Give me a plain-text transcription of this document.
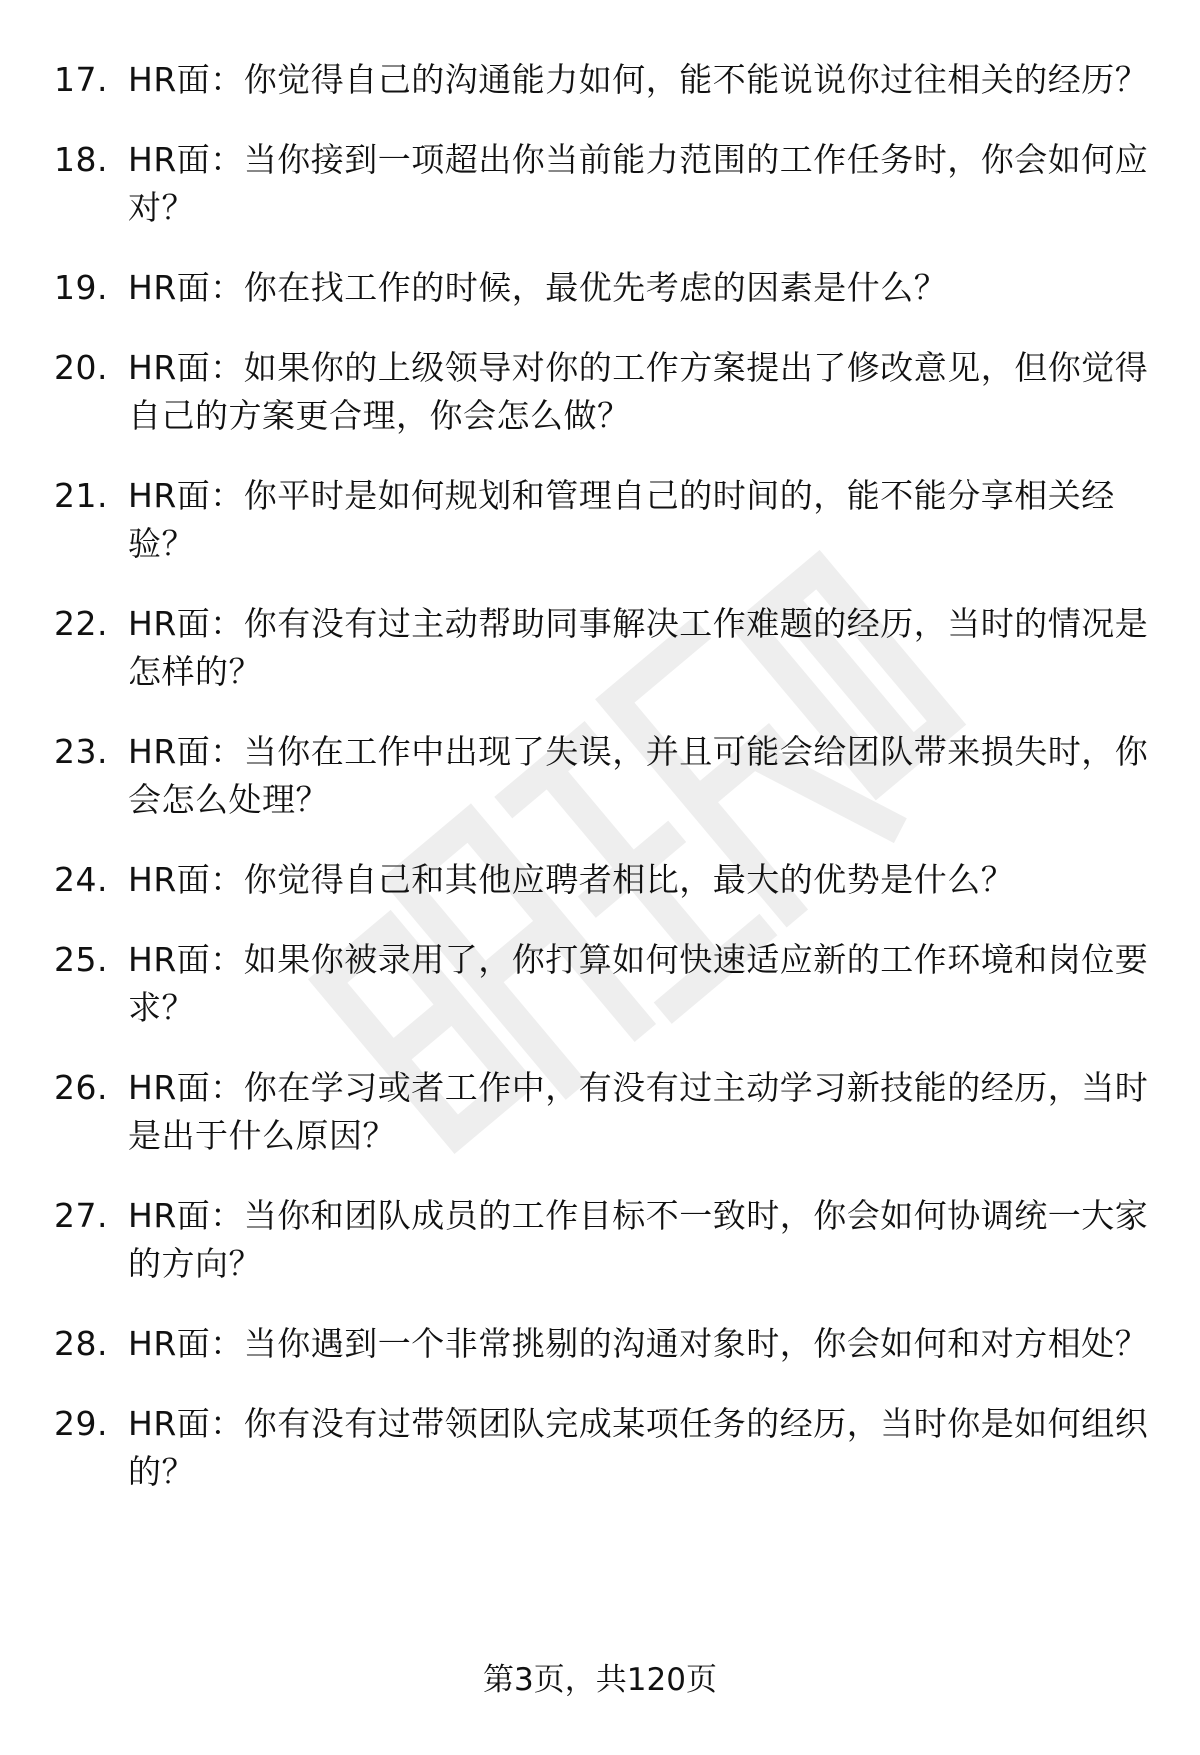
17. HR面：你觉得自己的沟通能力如何，能不能说说你过往相关的经历？
18. HR面：当你接到一项超出你当前能力范围的工作任务时，你会如何应对？
19. HR面：你在找工作的时候，最优先考虑的因素是什么？
20. HR面：如果你的上级领导对你的工作方案提出了修改意见，但你觉得自己的方案更合理，你会怎么做？
21. HR面：你平时是如何规划和管理自己的时间的，能不能分享相关经验？
22. HR面：你有没有过主动帮助同事解决工作难题的经历，当时的情况是怎样的？
23. HR面：当你在工作中出现了失误，并且可能会给团队带来损失时，你会怎么处理？
24. HR面：你觉得自己和其他应聘者相比，最大的优势是什么？
25. HR面：如果你被录用了，你打算如何快速适应新的工作环境和岗位要求？
26. HR面：你在学习或者工作中，有没有过主动学习新技能的经历，当时是出于什么原因？
27. HR面：当你和团队成员的工作目标不一致时，你会如何协调统一大家的方向？
28. HR面：当你遇到一个非常挑剔的沟通对象时，你会如何和对方相处？
29. HR面：你有没有过带领团队完成某项任务的经历，当时你是如何组织的？
第3页，共120页
